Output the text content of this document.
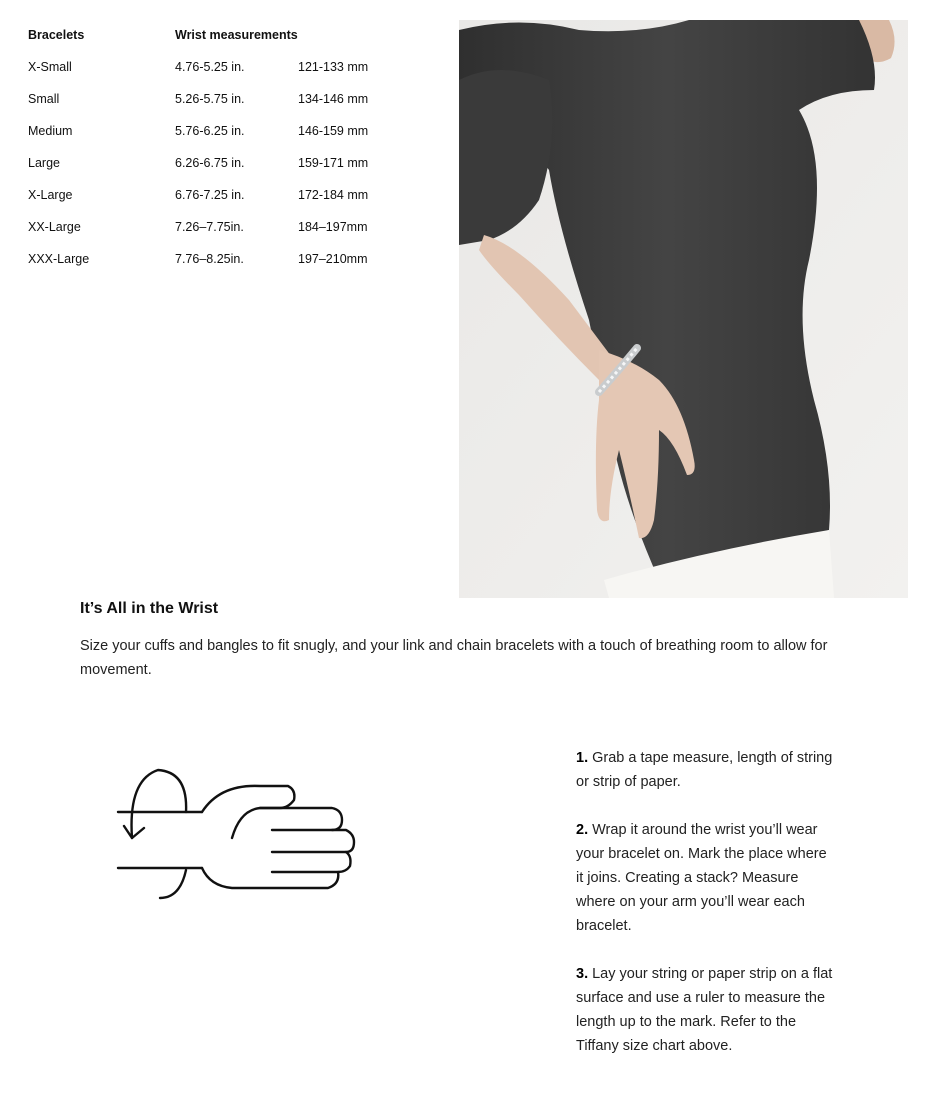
Bracelets	Wrist measurements
X-Small	4.76-5.25 in.	121-133 mm
Small	5.26-5.75 in.	134-146 mm
Medium	5.76-6.25 in.	146-159 mm
Large	6.26-6.75 in.	159-171 mm
X-Large	6.76-7.25 in.	172-184 mm
XX-Large	7.26–7.75in.	184–197mm
XXX-Large	7.76–8.25in.	197–210mm
It’s All in the Wrist
Size your cuffs and bangles to fit snugly, and your link and chain bracelets with a touch of breathing room to allow for movement.

1. Grab a tape measure, length of string or strip of paper.

2. Wrap it around the wrist you’ll wear your bracelet on. Mark the place where it joins. Creating a stack? Measure where on your arm you’ll wear each bracelet.

3. Lay your string or paper strip on a flat surface and use a ruler to measure the length up to the mark. Refer to the Tiffany size chart above.
